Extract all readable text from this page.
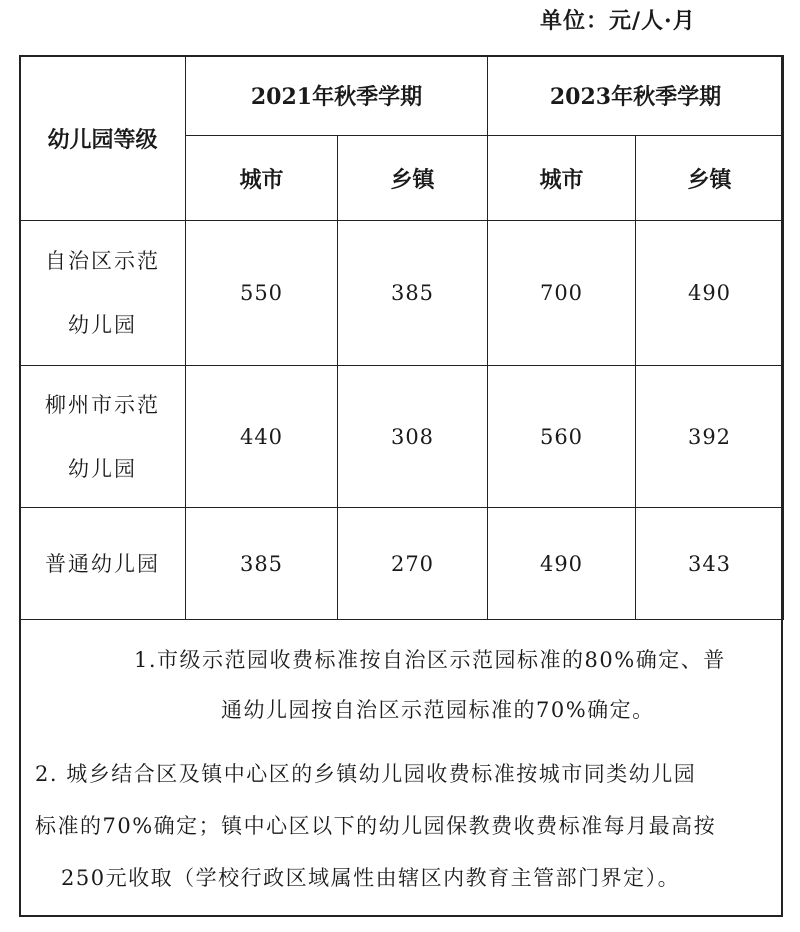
单位：元/人·月
幼儿园等级	2021年秋季学期		2023年秋季学期	
	城市	乡镇	城市	乡镇

自治区示范
幼儿园	550	385	700	490

柳州市示范
幼儿园	440	308	560	392
普通幼儿园	385	270	490	343
1.市级示范园收费标准按自治区示范园标准的80%确定、普
通幼儿园按自治区示范园标准的70%确定。
2. 城乡结合区及镇中心区的乡镇幼儿园收费标准按城市同类幼儿园
标准的70%确定；镇中心区以下的幼儿园保教费收费标准每月最高按
250元收取（学校行政区域属性由辖区内教育主管部门界定）。
